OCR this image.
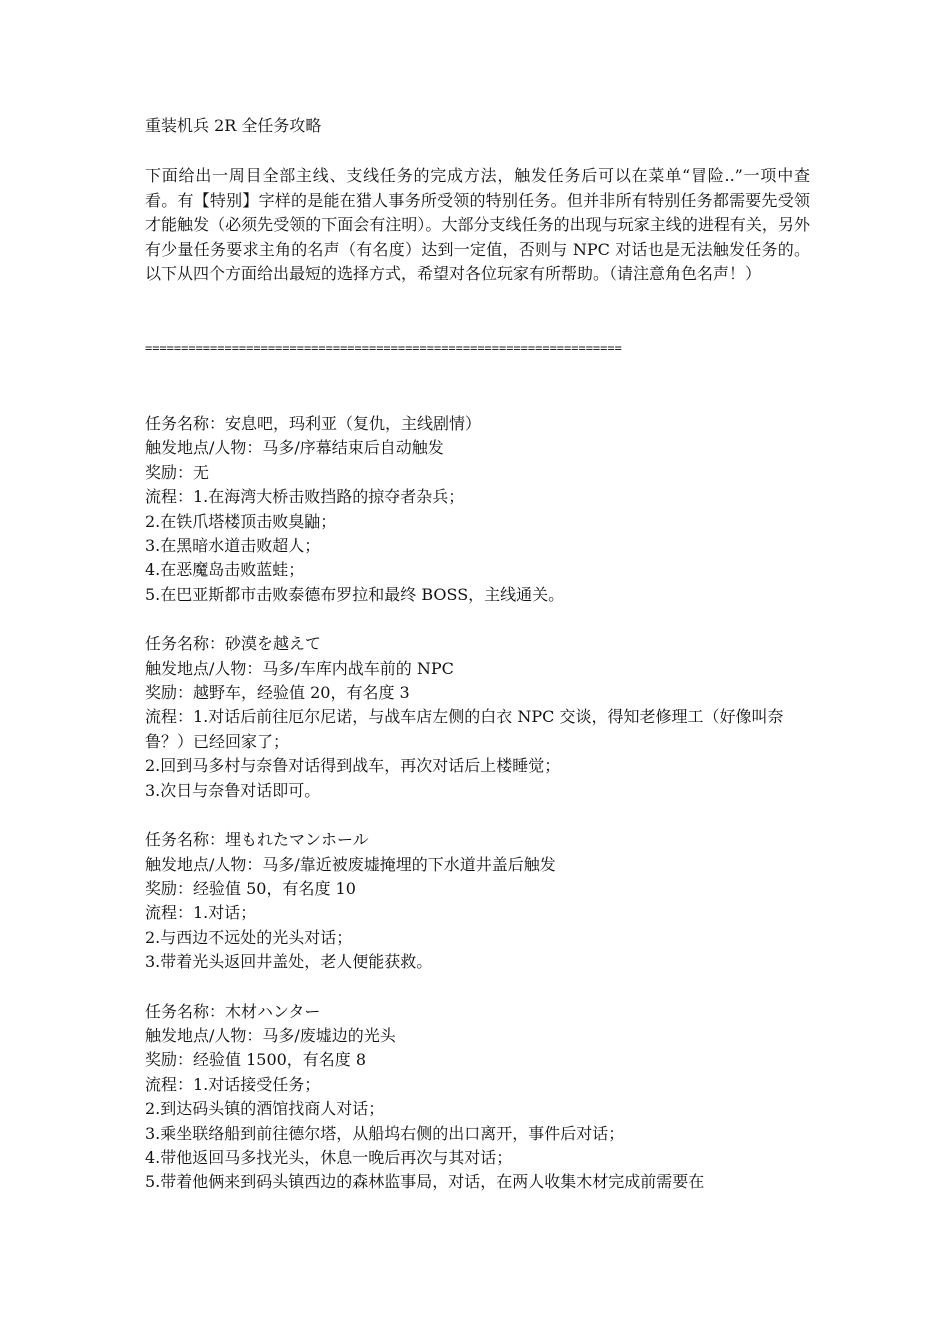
重装机兵 2R 全任务攻略

下面给出一周目全部主线、支线任务的完成方法，触发任务后可以在菜单“冒险..”一项中查看。有【特别】字样的是能在猎人事务所受领的特别任务。但并非所有特别任务都需要先受领才能触发（必须先受领的下面会有注明）。大部分支线任务的出现与玩家主线的进程有关，另外有少量任务要求主角的名声（有名度）达到一定值，否则与 NPC 对话也是无法触发任务的。以下从四个方面给出最短的选择方式，希望对各位玩家有所帮助。（请注意角色名声！）

==================================================================

任务名称：安息吧，玛利亚（复仇，主线剧情）

触发地点/人物：马多/序幕结束后自动触发

奖励：无

流程：1.在海湾大桥击败挡路的掠夺者杂兵；

2.在铁爪塔楼顶击败臭鼬；

3.在黑暗水道击败超人；

4.在恶魔岛击败蓝蛙；

5.在巴亚斯都市击败泰德布罗拉和最终 BOSS，主线通关。

任务名称：砂漠を越えて

触发地点/人物：马多/车库内战车前的 NPC

奖励：越野车，经验值 20，有名度 3

流程：1.对话后前往厄尔尼诺，与战车店左侧的白衣 NPC 交谈，得知老修理工（好像叫奈鲁？）已经回家了；

2.回到马多村与奈鲁对话得到战车，再次对话后上楼睡觉；

3.次日与奈鲁对话即可。

任务名称：埋もれたマンホール

触发地点/人物：马多/靠近被废墟掩埋的下水道井盖后触发

奖励：经验值 50，有名度 10

流程：1.对话；

2.与西边不远处的光头对话；

3.带着光头返回井盖处，老人便能获救。

任务名称：木材ハンター

触发地点/人物：马多/废墟边的光头

奖励：经验值 1500，有名度 8

流程：1.对话接受任务；

2.到达码头镇的酒馆找商人对话；

3.乘坐联络船到前往德尔塔，从船坞右侧的出口离开，事件后对话；

4.带他返回马多找光头，休息一晚后再次与其对话；

5.带着他俩来到码头镇西边的森林监事局，对话，在两人收集木材完成前需要在
